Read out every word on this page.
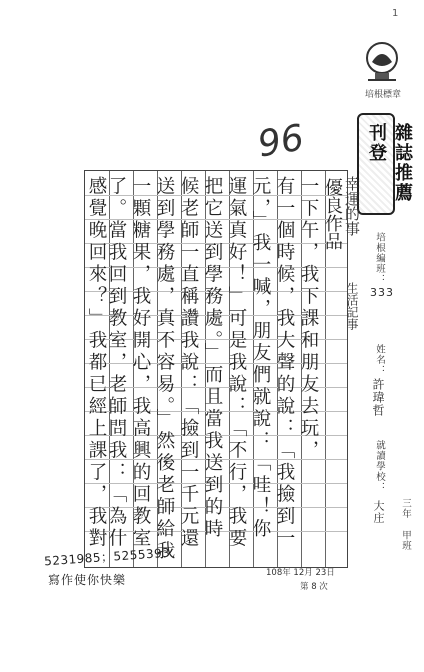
1
培根標章
雜誌推薦刊登
96
優良作品 幸運的事
生活記事
一下午，我下課和朋友去玩，
有一個時候，我大聲的說：「我撿到一
元，」我一喊，朋友們就說：「哇！你
運氣真好！」可是我說：「不行，我要
把它送到學務處。」而且當我送到的時
候老師一直稱讚我說：「撿到一千元還
送到學務處，真不容易。」然後老師給我
一顆糖果，我好開心，我高興的回教室
了。當我回到教室，老師問我：「為什
感覺晚回來？」我都已經上課了，我對
培根編班：
333
姓名：
許瑋哲
就讀學校：
大庄 三年
甲班
5231985；5255393
寫作使你快樂	108年 12月 23日
第 8 次
